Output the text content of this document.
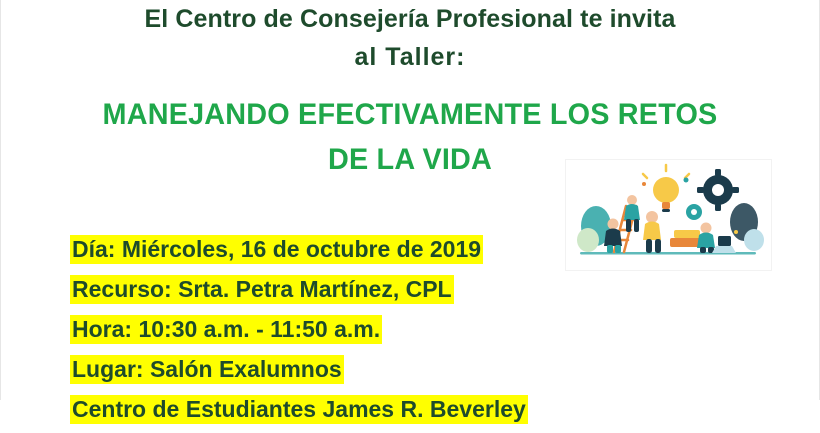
El Centro de Consejería Profesional te invita
al Taller:
MANEJANDO EFECTIVAMENTE LOS RETOS
DE LA VIDA
Día: Miércoles, 16 de octubre de 2019
Recurso: Srta. Petra Martínez, CPL
Hora: 10:30 a.m. - 11:50 a.m.
Lugar: Salón Exalumnos
Centro de Estudiantes James R. Beverley
